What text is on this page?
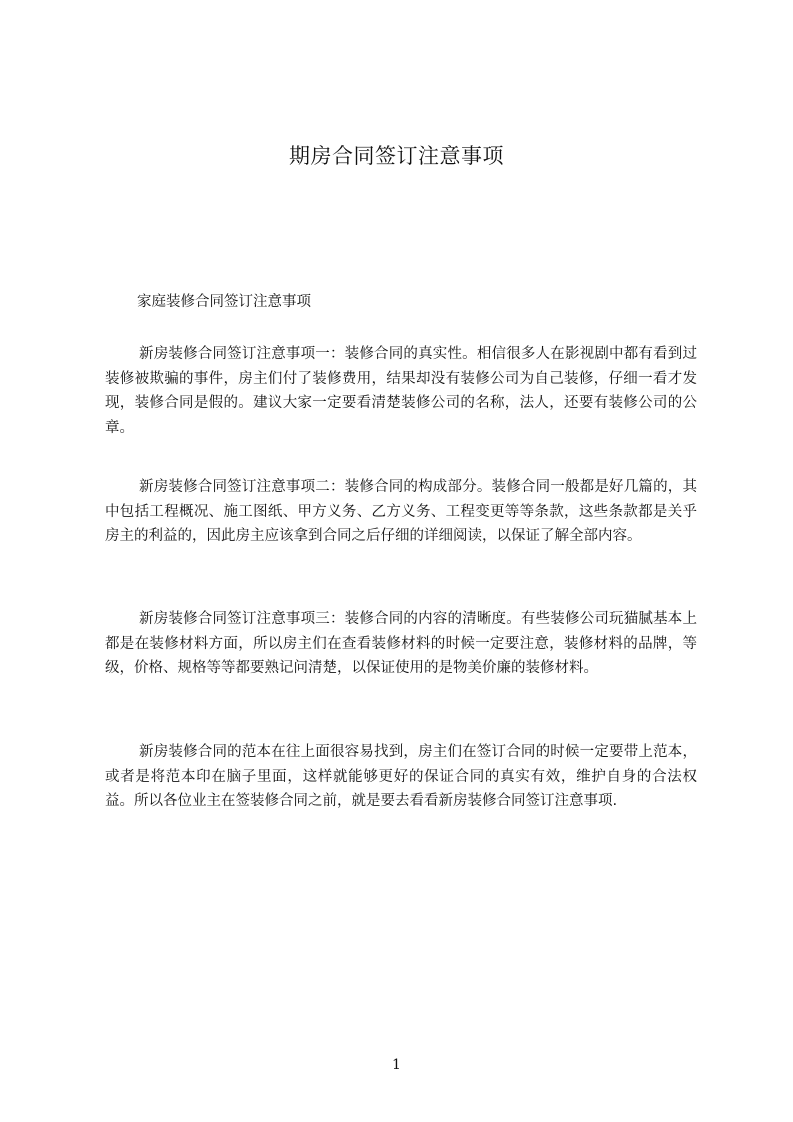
期房合同签订注意事项

家庭装修合同签订注意事项

新房装修合同签订注意事项一：装修合同的真实性。相信很多人在影视剧中都有看到过装修被欺骗的事件，房主们付了装修费用，结果却没有装修公司为自己装修，仔细一看才发现，装修合同是假的。建议大家一定要看清楚装修公司的名称，法人，还要有装修公司的公章。

新房装修合同签订注意事项二：装修合同的构成部分。装修合同一般都是好几篇的，其中包括工程概况、施工图纸、甲方义务、乙方义务、工程变更等等条款，这些条款都是关乎房主的利益的，因此房主应该拿到合同之后仔细的详细阅读，以保证了解全部内容。

新房装修合同签订注意事项三：装修合同的内容的清晰度。有些装修公司玩猫腻基本上都是在装修材料方面，所以房主们在查看装修材料的时候一定要注意，装修材料的品牌，等级，价格、规格等等都要熟记问清楚，以保证使用的是物美价廉的装修材料。

新房装修合同的范本在往上面很容易找到，房主们在签订合同的时候一定要带上范本，或者是将范本印在脑子里面，这样就能够更好的保证合同的真实有效，维护自身的合法权益。所以各位业主在签装修合同之前，就是要去看看新房装修合同签订注意事项.

1
